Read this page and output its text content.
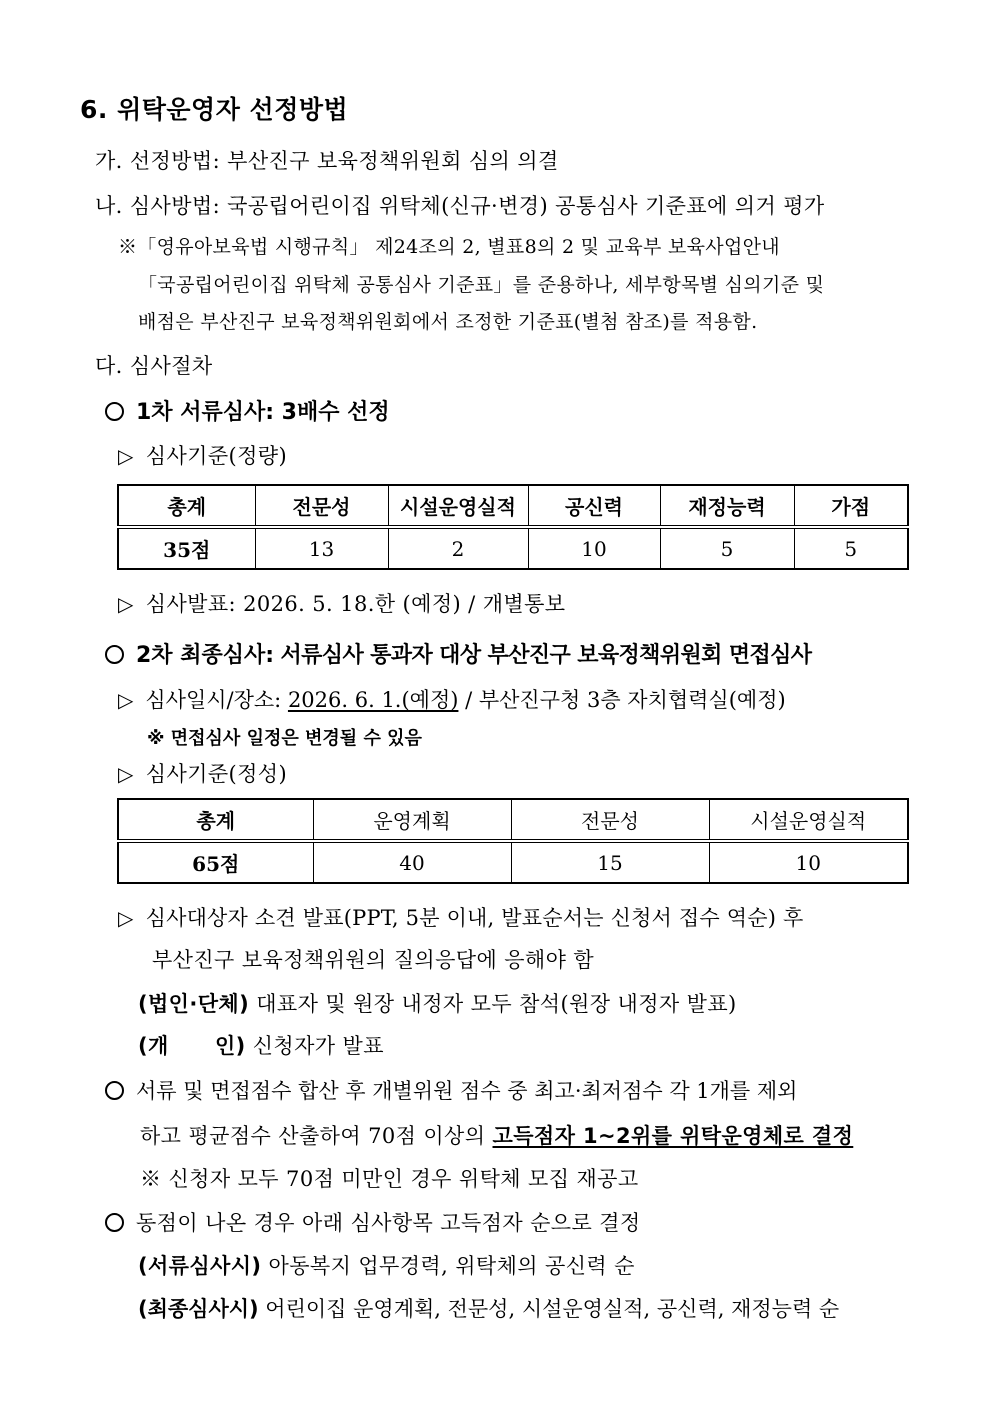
6. 위탁운영자 선정방법
가. 선정방법: 부산진구 보육정책위원회 심의 의결
나. 심사방법: 국공립어린이집 위탁체(신규·변경) 공통심사 기준표에 의거 평가
※「영유아보육법 시행규칙」 제24조의 2, 별표8의 2 및 교육부 보육사업안내
「국공립어린이집 위탁체 공통심사 기준표」를 준용하나, 세부항목별 심의기준 및
배점은 부산진구 보육정책위원회에서 조정한 기준표(별첨 참조)를 적용함.
다. 심사절차
1차 서류심사: 3배수 선정
▷ 심사기준(정량)
총계	전문성	시설운영실적	공신력	재정능력	가점
35점	13	2	10	5	5
▷ 심사발표: 2026. 5. 18.한 (예정) / 개별통보
2차 최종심사: 서류심사 통과자 대상 부산진구 보육정책위원회 면접심사
▷ 심사일시/장소: 2026. 6. 1.(예정) / 부산진구청 3층 자치협력실(예정)
※ 면접심사 일정은 변경될 수 있음
▷ 심사기준(정성)
총계	운영계획	전문성	시설운영실적
65점	40	15	10
▷ 심사대상자 소견 발표(PPT, 5분 이내, 발표순서는 신청서 접수 역순) 후
부산진구 보육정책위원의 질의응답에 응해야 함
(법인·단체) 대표자 및 원장 내정자 모두 참석(원장 내정자 발표)
(개      인) 신청자가 발표
서류 및 면접점수 합산 후 개별위원 점수 중 최고·최저점수 각 1개를 제외
하고 평균점수 산출하여 70점 이상의 고득점자 1~2위를 위탁운영체로 결정
※ 신청자 모두 70점 미만인 경우 위탁체 모집 재공고
동점이 나온 경우 아래 심사항목 고득점자 순으로 결정
(서류심사시) 아동복지 업무경력, 위탁체의 공신력 순
(최종심사시) 어린이집 운영계획, 전문성, 시설운영실적, 공신력, 재정능력 순
